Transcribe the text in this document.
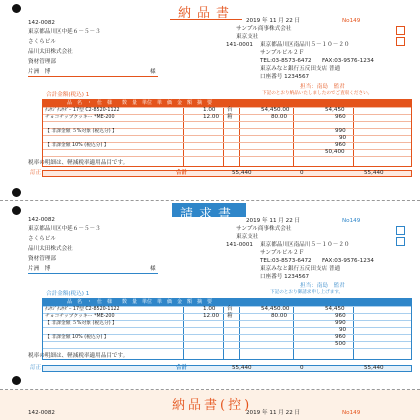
納品書
142-0082
東京都品川区中延６－５－３
さくらビル
品川太田株式会社
資材管理部
片洲　博	様
2019 年 11 月 22 日	No149
サンプル商事株式会社
東京支社
141-0001 東京都品川区南品川５－１０－２０
サンプルビル２Ｆ
TEL:03-8573-6472 FAX:03-9576-1234
東京みなと銀行五反田支店 普通
口座番号 1234567
担当：南島　監君
下記のとおり納品いたしましたのでご査収ください。
合計金額(税込) 1
品　名　・　仕　様　　数　量　単位　単　価　金　額　摘　要
ﾁｮｳｼﾞﾁｮｳﾀﾞｰ 17型 C2-8520-1122	1.00 台	54,450.00	54,450
チョコチップクッキー *ME-200	12.00 箱	80.00	960
【 非課金額 ５%対象 (税込分) 】	990
90
【 非課金額 10% (税込分) 】	960
50,400
税率の明細は、軽減税率適用品目です。
訂正	合計	55,440	0	55,440
請求書
142-0082
東京都品川区中延６－５－３
さくらビル
品川太田株式会社
資材管理部
片洲　博	様
2019 年 11 月 22 日	No149
サンプル商事株式会社
東京支社
141-0001 東京都品川区南品川５－１０－２０
サンプルビル２Ｆ
TEL:03-8573-6472 FAX:03-9576-1234
東京みなと銀行五反田支店 普通
口座番号 1234567
担当：南島　監君
下記のとおり御請求申し上げます。
合計金額(税込) 1
品　名　・　仕　様　　数　量　単位　単　価　金　額　摘　要
ﾁｮｳｼﾞﾁｮｳﾀﾞｰ 17型 C2-8520-1122	1.00 台	54,450.00	54,450
チョコチップクッキー *ME-200	12.00 箱	80.00	960
【 非課金額 ５%対象 (税込分) 】	990
90
【 非課金額 10% (税込分) 】	960
500
税率の明細は、軽減税率適用品目です。
訂正	合計	55,440	0	55,440
納品書(控)
142-0082	2019 年 11 月 22 日	No149
